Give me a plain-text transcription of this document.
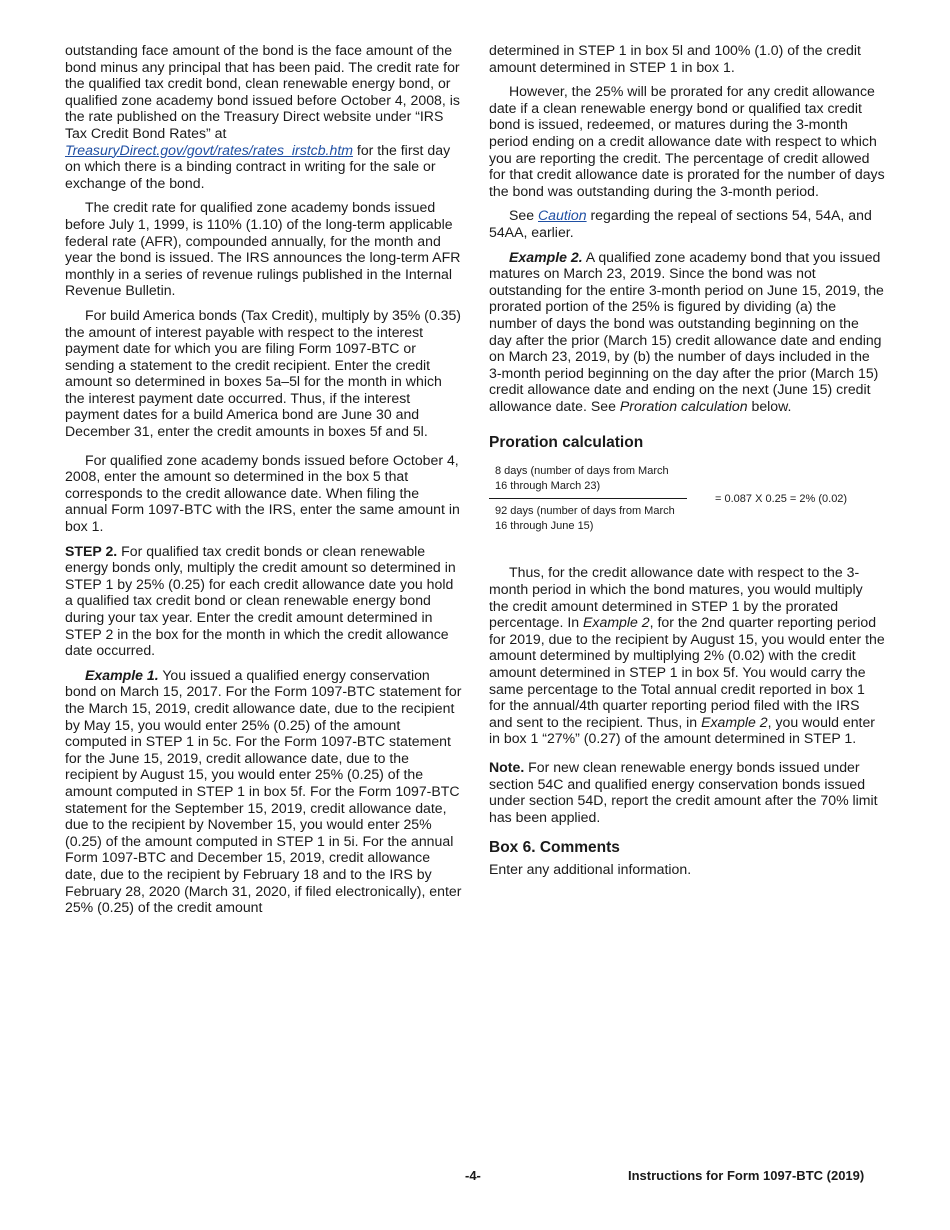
outstanding face amount of the bond is the face amount of the bond minus any principal that has been paid. The credit rate for the qualified tax credit bond, clean renewable energy bond, or qualified zone academy bond issued before October 4, 2008, is the rate published on the Treasury Direct website under “IRS Tax Credit Bond Rates” at TreasuryDirect.gov/govt/rates/rates_irstcb.htm for the first day on which there is a binding contract in writing for the sale or exchange of the bond.

The credit rate for qualified zone academy bonds issued before July 1, 1999, is 110% (1.10) of the long-term applicable federal rate (AFR), compounded annually, for the month and year the bond is issued. The IRS announces the long-term AFR monthly in a series of revenue rulings published in the Internal Revenue Bulletin.

For build America bonds (Tax Credit), multiply by 35% (0.35) the amount of interest payable with respect to the interest payment date for which you are filing Form 1097-BTC or sending a statement to the credit recipient. Enter the credit amount so determined in boxes 5a–5l for the month in which the interest payment date occurred. Thus, if the interest payment dates for a build America bond are June 30 and December 31, enter the credit amounts in boxes 5f and 5l.

For qualified zone academy bonds issued before October 4, 2008, enter the amount so determined in the box 5 that corresponds to the credit allowance date. When filing the annual Form 1097-BTC with the IRS, enter the same amount in box 1.

STEP 2. For qualified tax credit bonds or clean renewable energy bonds only, multiply the credit amount so determined in STEP 1 by 25% (0.25) for each credit allowance date you hold a qualified tax credit bond or clean renewable energy bond during your tax year. Enter the credit amount determined in STEP 2 in the box for the month in which the credit allowance date occurred.

Example 1. You issued a qualified energy conservation bond on March 15, 2017. For the Form 1097-BTC statement for the March 15, 2019, credit allowance date, due to the recipient by May 15, you would enter 25% (0.25) of the amount computed in STEP 1 in 5c. For the Form 1097-BTC statement for the June 15, 2019, credit allowance date, due to the recipient by August 15, you would enter 25% (0.25) of the amount computed in STEP 1 in box 5f. For the Form 1097-BTC statement for the September 15, 2019, credit allowance date, due to the recipient by November 15, you would enter 25% (0.25) of the amount computed in STEP 1 in 5i. For the annual Form 1097-BTC and December 15, 2019, credit allowance date, due to the recipient by February 18 and to the IRS by February 28, 2020 (March 31, 2020, if filed electronically), enter 25% (0.25) of the credit amount

determined in STEP 1 in box 5l and 100% (1.0) of the credit amount determined in STEP 1 in box 1.

However, the 25% will be prorated for any credit allowance date if a clean renewable energy bond or qualified tax credit bond is issued, redeemed, or matures during the 3-month period ending on a credit allowance date with respect to which you are reporting the credit. The percentage of credit allowed for that credit allowance date is prorated for the number of days the bond was outstanding during the 3-month period.

See Caution regarding the repeal of sections 54, 54A, and 54AA, earlier.

Example 2. A qualified zone academy bond that you issued matures on March 23, 2019. Since the bond was not outstanding for the entire 3-month period on June 15, 2019, the prorated portion of the 25% is figured by dividing (a) the number of days the bond was outstanding beginning on the day after the prior (March 15) credit allowance date and ending on March 23, 2019, by (b) the number of days included in the 3-month period beginning on the day after the prior (March 15) credit allowance date and ending on the next (June 15) credit allowance date. See Proration calculation below.

Proration calculation
$\frac{\text{8 days (number of days from March 16 through March 23)}}{\text{92 days (number of days from March 16 through June 15)}}$	= 0.087 X 0.25 = 2% (0.02)

Thus, for the credit allowance date with respect to the 3-month period in which the bond matures, you would multiply the credit amount determined in STEP 1 by the prorated percentage. In Example 2, for the 2nd quarter reporting period for 2019, due to the recipient by August 15, you would enter the amount determined by multiplying 2% (0.02) with the credit amount determined in STEP 1 in box 5f. You would carry the same percentage to the Total annual credit reported in box 1 for the annual/4th quarter reporting period filed with the IRS and sent to the recipient. Thus, in Example 2, you would enter in box 1 “27%” (0.27) of the amount determined in STEP 1.

Note. For new clean renewable energy bonds issued under section 54C and qualified energy conservation bonds issued under section 54D, report the credit amount after the 70% limit has been applied.

Box 6. Comments

Enter any additional information.

-4-	Instructions for Form 1097-BTC (2019)
